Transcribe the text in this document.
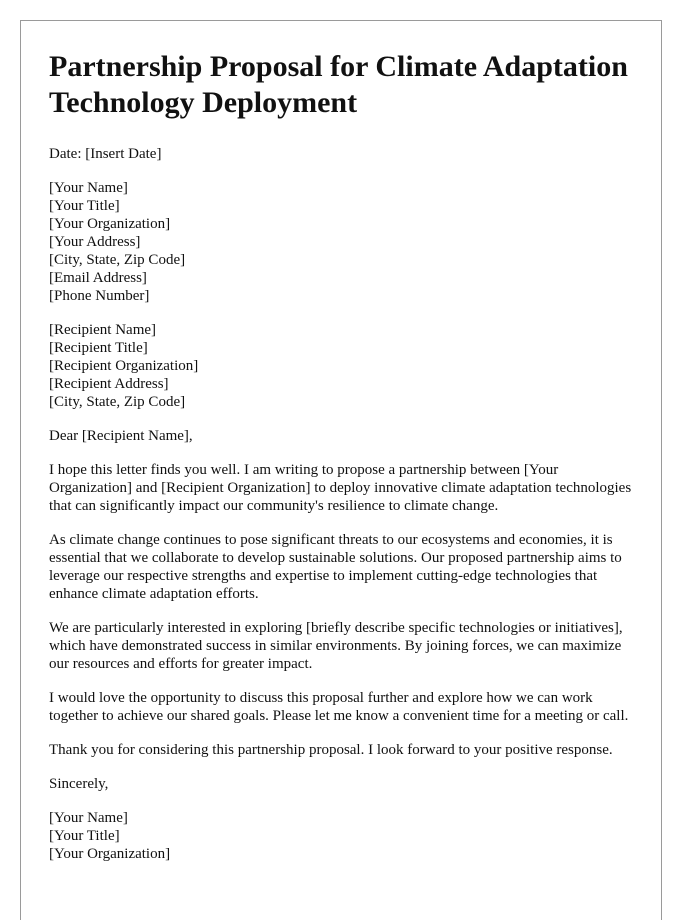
Partnership Proposal for Climate Adaptation Technology Deployment
Date: [Insert Date]
[Your Name]
[Your Title]
[Your Organization]
[Your Address]
[City, State, Zip Code]
[Email Address]
[Phone Number]
[Recipient Name]
[Recipient Title]
[Recipient Organization]
[Recipient Address]
[City, State, Zip Code]
Dear [Recipient Name],
I hope this letter finds you well. I am writing to propose a partnership between [Your Organization] and [Recipient Organization] to deploy innovative climate adaptation technologies that can significantly impact our community's resilience to climate change.
As climate change continues to pose significant threats to our ecosystems and economies, it is essential that we collaborate to develop sustainable solutions. Our proposed partnership aims to leverage our respective strengths and expertise to implement cutting-edge technologies that enhance climate adaptation efforts.
We are particularly interested in exploring [briefly describe specific technologies or initiatives], which have demonstrated success in similar environments. By joining forces, we can maximize our resources and efforts for greater impact.
I would love the opportunity to discuss this proposal further and explore how we can work together to achieve our shared goals. Please let me know a convenient time for a meeting or call.
Thank you for considering this partnership proposal. I look forward to your positive response.
Sincerely,
[Your Name]
[Your Title]
[Your Organization]
